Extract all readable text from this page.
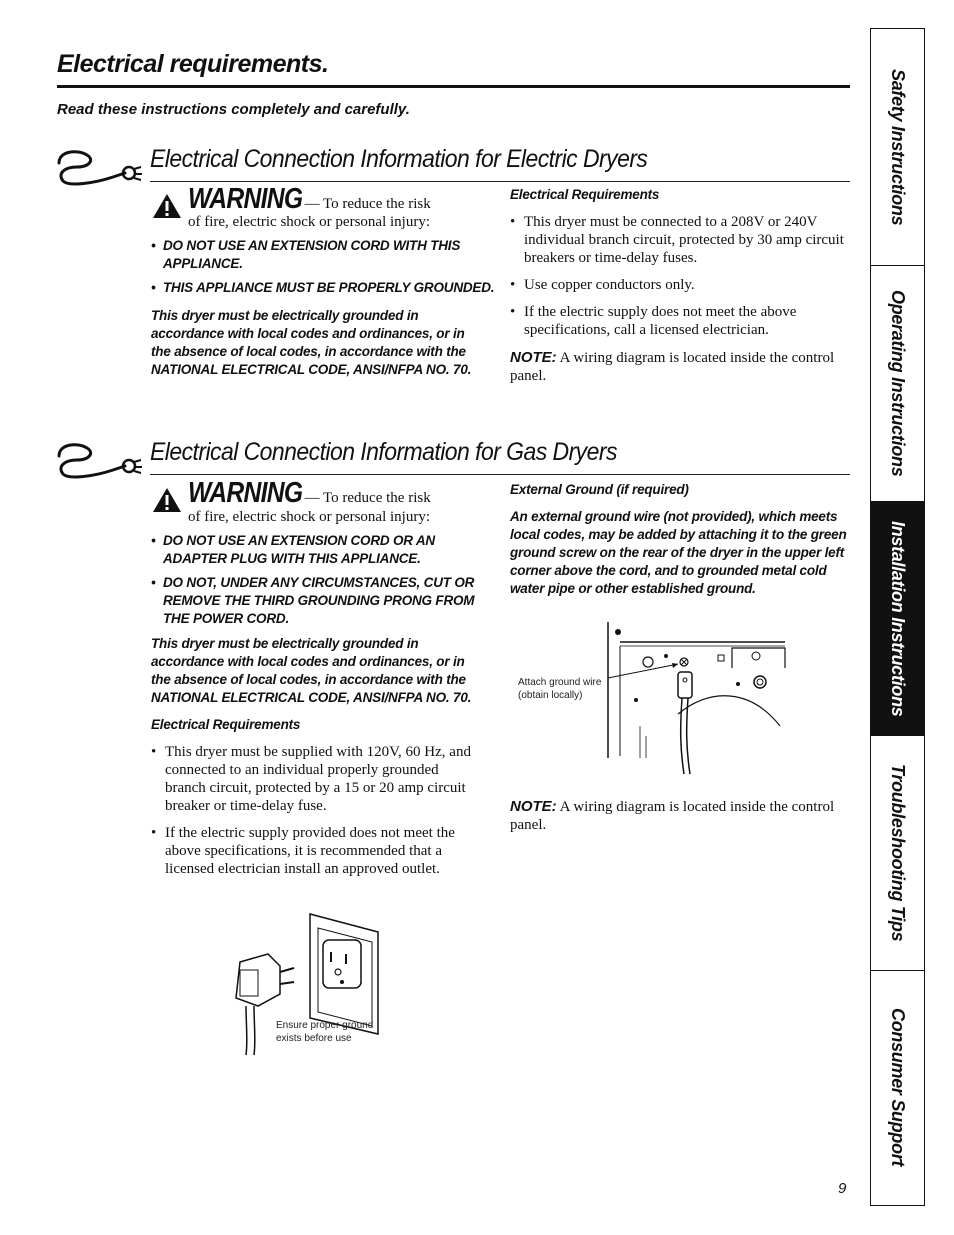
Electrical requirements.
Read these instructions completely and carefully.
Electrical Connection Information for Electric Dryers
WARNING — To reduce the risk
of fire, electric shock or personal injury:
• DO NOT USE AN EXTENSION CORD WITH THIS APPLIANCE.
• THIS APPLIANCE MUST BE PROPERLY GROUNDED.
This dryer must be electrically grounded in accordance with local codes and ordinances, or in the absence of local codes, in accordance with the NATIONAL ELECTRICAL CODE, ANSI/NFPA NO. 70.
Electrical Requirements
• This dryer must be connected to a 208V or 240V individual branch circuit, protected by 30 amp circuit breakers or time-delay fuses.
• Use copper conductors only.
• If the electric supply does not meet the above specifications, call a licensed electrician.
NOTE: A wiring diagram is located inside the control panel.
Electrical Connection Information for Gas Dryers
WARNING — To reduce the risk
of fire, electric shock or personal injury:
• DO NOT USE AN EXTENSION CORD OR AN ADAPTER PLUG WITH THIS APPLIANCE.
• DO NOT, UNDER ANY CIRCUMSTANCES, CUT OR REMOVE THE THIRD GROUNDING PRONG FROM THE POWER CORD.
This dryer must be electrically grounded in accordance with local codes and ordinances, or in the absence of local codes, in accordance with the NATIONAL ELECTRICAL CODE, ANSI/NFPA NO. 70.
Electrical Requirements
• This dryer must be supplied with 120V, 60 Hz, and connected to an individual properly grounded branch circuit, protected by a 15 or 20 amp circuit breaker or time-delay fuse.
• If the electric supply provided does not meet the above specifications, it is recommended that a licensed electrician install an approved outlet.
Ensure proper ground
exists before use
External Ground (if required)
An external ground wire (not provided), which meets local codes, may be added by attaching it to the green ground screw on the rear of the dryer in the upper left corner above the cord, and to grounded metal cold water pipe or other established ground.
Attach ground wire
(obtain locally)
NOTE: A wiring diagram is located inside the control panel.
Safety Instructions
Operating Instructions
Installation Instructions
Troubleshooting Tips
Consumer Support
9
